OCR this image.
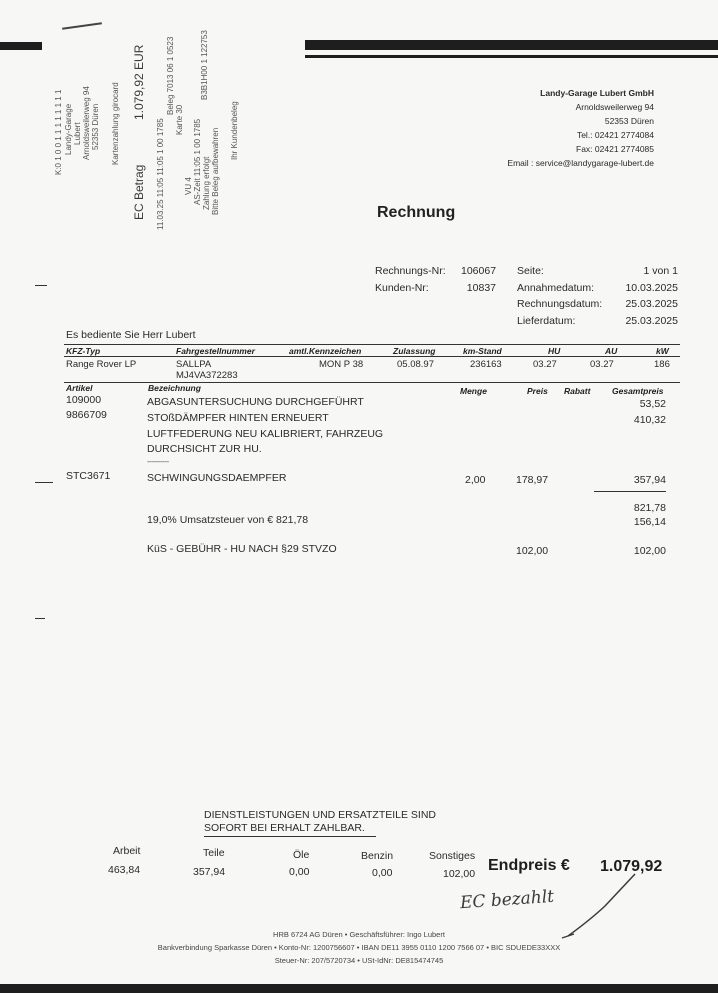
K:0 1 0 0 1 1 1 1 1 1 1 1 Landy-Garage Lubert Arnoldsweilerweg 94 52353 Düren Kartenzahlung girocard
EC Betrag
1.079,92 EUR
11.03.25 11:05 11:05 1 00 1785
Beleg 7013 06 1 0523
Karte 30
VU 4 AS-Zeit 11:05 1 00 1785 Zahlung erfolgt Bitte Beleg aufbewahren
B3B1H00 1 122753
Ihr Kundenbeleg
Landy-Garage Lubert GmbH
Arnoldsweilerweg 94
52353 Düren
Tel.: 02421 2774084
Fax: 02421 2774085
Email : service@landygarage-lubert.de
Rechnung
Rechnungs-Nr: 106067
Kunden-Nr:	10837
Seite:	1 von 1
Annahmedatum:	10.03.2025
Rechnungsdatum: 25.03.2025
Lieferdatum:	25.03.2025
Es bediente Sie Herr Lubert
KFZ-Typ	Fahrgestellnummer	amtl.Kennzeichen	Zulassung	km-Stand	HU	AU	kW
Range Rover LP	SALLPA
MJ4VA372283
MON P 38	05.08.97	236163	03.27	03.27	186
Artikel	Bezeichnung	Menge	Preis Rabatt	Gesamtpreis
109000	ABGASUNTERSUCHUNG DURCHGEFÜHRT	53,52
9866709	STOßDÄMPFER HINTEN ERNEUERT	410,32
LUFTFEDERUNG NEU KALIBRIERT, FAHRZEUG
DURCHSICHT ZUR HU.
----------
STC3671	SCHWINGUNGSDAEMPFER	2,00	178,97	357,94
821,78
19,0% Umsatzsteuer von € 821,78	156,14
KüS - GEBÜHR - HU NACH §29 STVZO	102,00	102,00
DIENSTLEISTUNGEN UND ERSATZTEILE SIND
SOFORT BEI ERHALT ZAHLBAR.
Arbeit	Teile	Öle	Benzin	Sonstiges
463,84	357,94	0,00	0,00	102,00 Endpreis € 1.079,92
EC bezahlt
HRB 6724 AG Düren • Geschäftsführer: Ingo Lubert
Bankverbindung Sparkasse Düren • Konto-Nr: 1200756607 • IBAN DE11 3955 0110 1200 7566 07 • BIC SDUEDE33XXX
Steuer-Nr: 207/5720734 • USt-IdNr: DE815474745
